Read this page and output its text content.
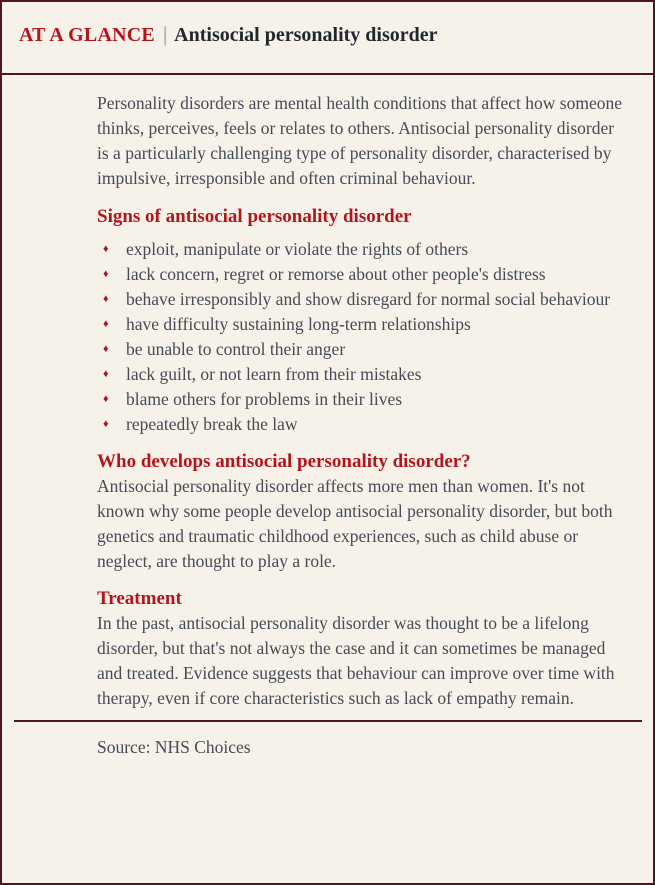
AT A GLANCE | Antisocial personality disorder

Personality disorders are mental health conditions that affect how someone thinks, perceives, feels or relates to others. Antisocial personality disorder is a particularly challenging type of personality disorder, characterised by impulsive, irresponsible and often criminal behaviour.

Signs of antisocial personality disorder
♦ exploit, manipulate or violate the rights of others
♦ lack concern, regret or remorse about other people's distress
♦ behave irresponsibly and show disregard for normal social behaviour
♦ have difficulty sustaining long-term relationships
♦ be unable to control their anger
♦ lack guilt, or not learn from their mistakes
♦ blame others for problems in their lives
♦ repeatedly break the law
Who develops antisocial personality disorder?

Antisocial personality disorder affects more men than women. It's not known why some people develop antisocial personality disorder, but both genetics and traumatic childhood experiences, such as child abuse or neglect, are thought to play a role.

Treatment

In the past, antisocial personality disorder was thought to be a lifelong disorder, but that's not always the case and it can sometimes be managed and treated. Evidence suggests that behaviour can improve over time with therapy, even if core characteristics such as lack of empathy remain.

Source: NHS Choices
